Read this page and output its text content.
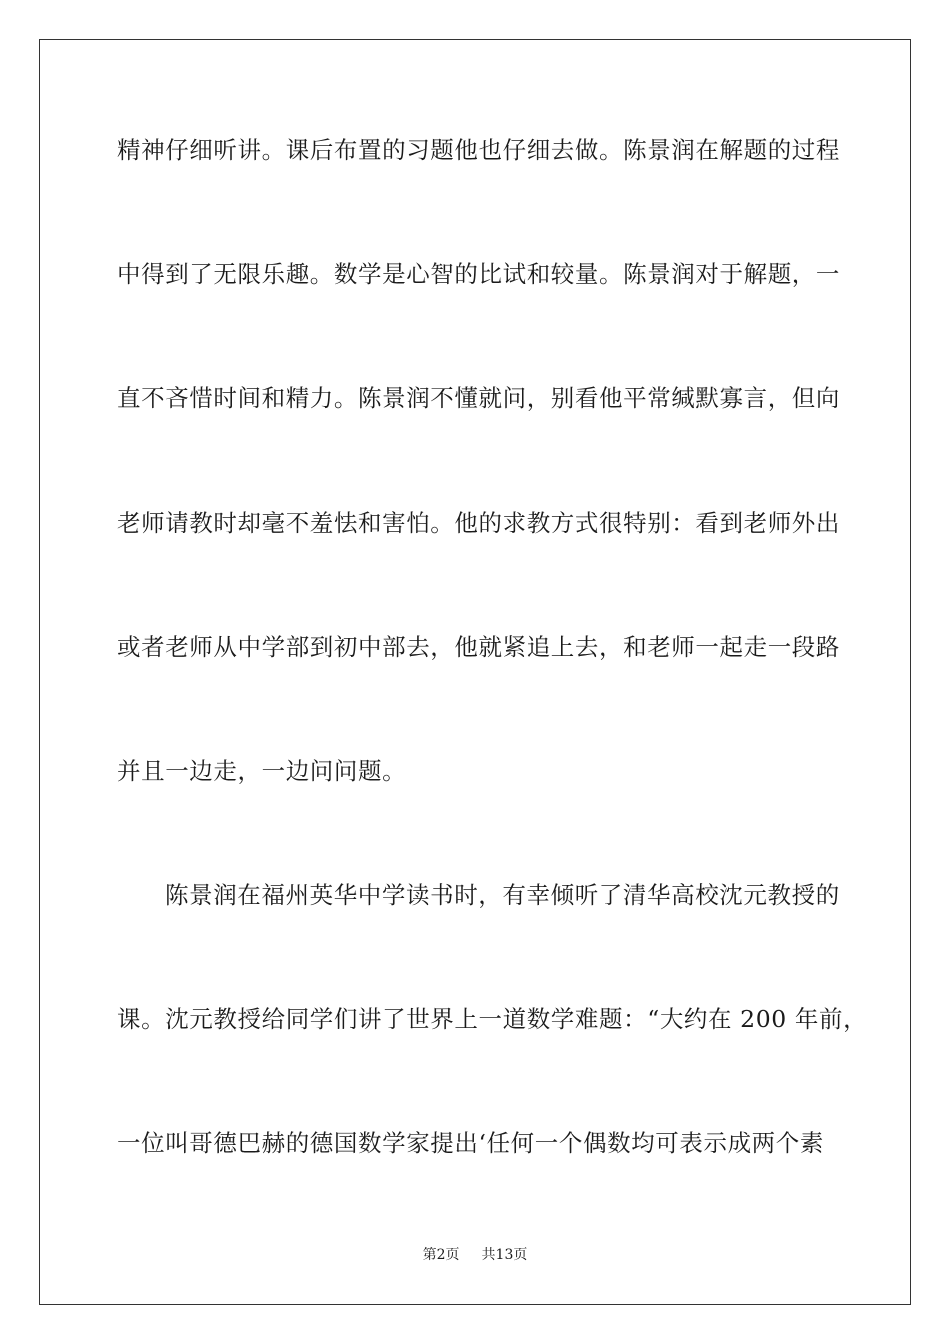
精神仔细听讲。课后布置的习题他也仔细去做。陈景润在解题的过程
中得到了无限乐趣。数学是心智的比试和较量。陈景润对于解题，一
直不吝惜时间和精力。陈景润不懂就问，别看他平常缄默寡言，但向
老师请教时却毫不羞怯和害怕。他的求教方式很特别：看到老师外出
或者老师从中学部到初中部去，他就紧追上去，和老师一起走一段路
并且一边走，一边问问题。
陈景润在福州英华中学读书时，有幸倾听了清华高校沈元教授的
课。沈元教授给同学们讲了世界上一道数学难题：“大约在 200 年前，
一位叫哥德巴赫的德国数学家提出‘任何一个偶数均可表示成两个素
第2页 共13页
